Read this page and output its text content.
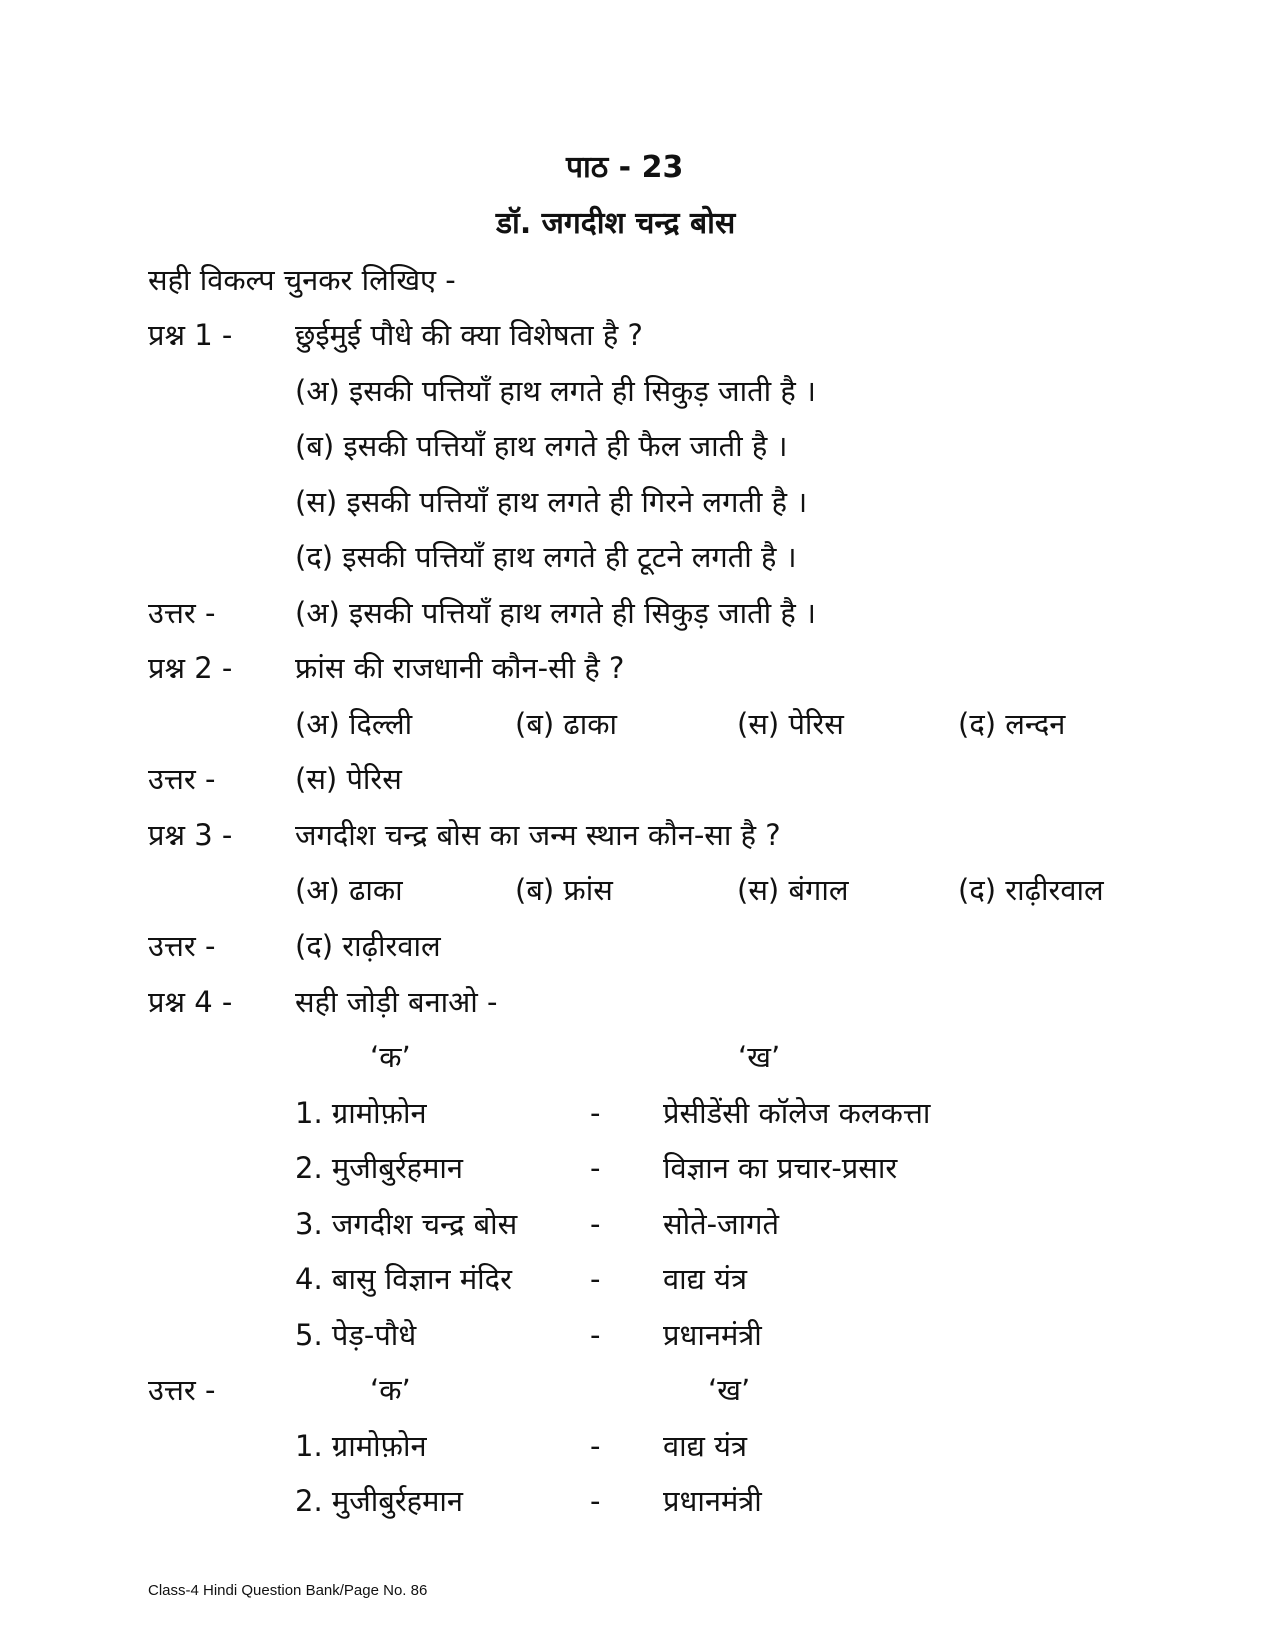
पाठ - 23
डॉ. जगदीश चन्द्र बोस
सही विकल्प चुनकर लिखिए -
प्रश्न 1 - छुईमुई पौधे की क्या विशेषता है ?
(अ) इसकी पत्तियाँ हाथ लगते ही सिकुड़ जाती है ।
(ब) इसकी पत्तियाँ हाथ लगते ही फैल जाती है ।
(स) इसकी पत्तियाँ हाथ लगते ही गिरने लगती है ।
(द) इसकी पत्तियाँ हाथ लगते ही टूटने लगती है ।
उत्तर -	(अ) इसकी पत्तियाँ हाथ लगते ही सिकुड़ जाती है ।
प्रश्न 2 - फ्रांस की राजधानी कौन-सी है ?
(अ) दिल्ली	(ब) ढाका	(स) पेरिस	(द) लन्दन
उत्तर -	(स) पेरिस
प्रश्न 3 - जगदीश चन्द्र बोस का जन्म स्थान कौन-सा है ?
(अ) ढाका	(ब) फ्रांस	(स) बंगाल	(द) राढ़ीरवाल
उत्तर -	(द) राढ़ीरवाल
प्रश्न 4 - सही जोड़ी बनाओ -
‘क’	‘ख’
1. ग्रामोफ़ोन	- प्रेसीडेंसी कॉलेज कलकत्ता
2. मुजीबुर्रहमान	- विज्ञान का प्रचार-प्रसार
3. जगदीश चन्द्र बोस	- सोते-जागते
4. बासु विज्ञान मंदिर	- वाद्य यंत्र
5. पेड़-पौधे	- प्रधानमंत्री
उत्तर -	‘क’	‘ख’
1. ग्रामोफ़ोन	- वाद्य यंत्र
2. मुजीबुर्रहमान	- प्रधानमंत्री
Class-4 Hindi Question Bank/Page No. 86
